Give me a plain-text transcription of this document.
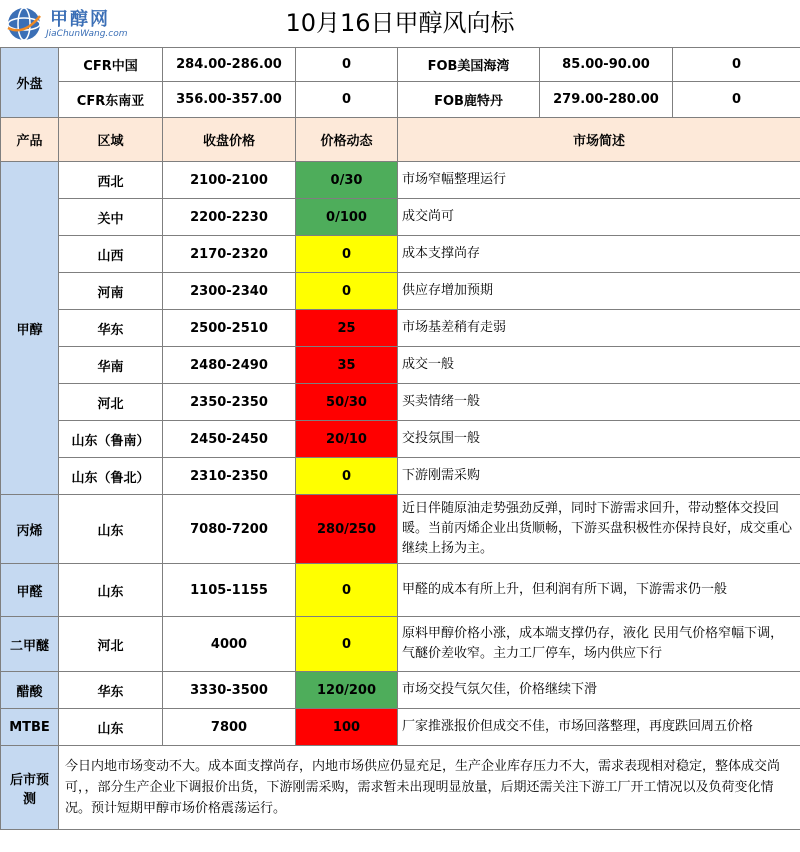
甲醇网
JiaChunWang.com	10月16日甲醇风向标
外盘	CFR中国	284.00-286.00	0	FOB美国海湾	85.00-90.00	0
	CFR东南亚	356.00-357.00	0	FOB鹿特丹	279.00-280.00	0
产品	区域	收盘价格	价格动态	市场简述		
甲醇	西北	2100-2100	0/30	市场窄幅整理运行		
	关中	2200-2230	0/100	成交尚可		
	山西	2170-2320	0	成本支撑尚存		
	河南	2300-2340	0	供应存增加预期		
	华东	2500-2510	25	市场基差稍有走弱		
	华南	2480-2490	35	成交一般		
	河北	2350-2350	50/30	买卖情绪一般		
	山东（鲁南）	2450-2450	20/10	交投氛围一般		
	山东（鲁北）	2310-2350	0	下游刚需采购		
丙烯	山东	7080-7200	280/250	近日伴随原油走势强劲反弹，同时下游需求回升，带动整体交投回暖。当前丙烯企业出货顺畅，下游买盘积极性亦保持良好，成交重心继续上扬为主。		
甲醛	山东	1105-1155	0	甲醛的成本有所上升，但利润有所下调，下游需求仍一般		
二甲醚	河北	4000	0	原料甲醇价格小涨，成本端支撑仍存，液化 民用气价格窄幅下调，气醚价差收窄。主力工厂停车，场内供应下行		
醋酸	华东	3330-3500	120/200	市场交投气氛欠佳，价格继续下滑		
MTBE	山东	7800	100	厂家推涨报价但成交不佳，市场回落整理，再度跌回周五价格		
后市预测	今日内地市场变动不大。成本面支撑尚存，内地市场供应仍显充足，生产企业库存压力不大，需求表现相对稳定，整体成交尚可，，部分生产企业下调报价出货，下游刚需采购，需求暂未出现明显放量，后期还需关注下游工厂开工情况以及负荷变化情况。预计短期甲醇市场价格震荡运行。					
